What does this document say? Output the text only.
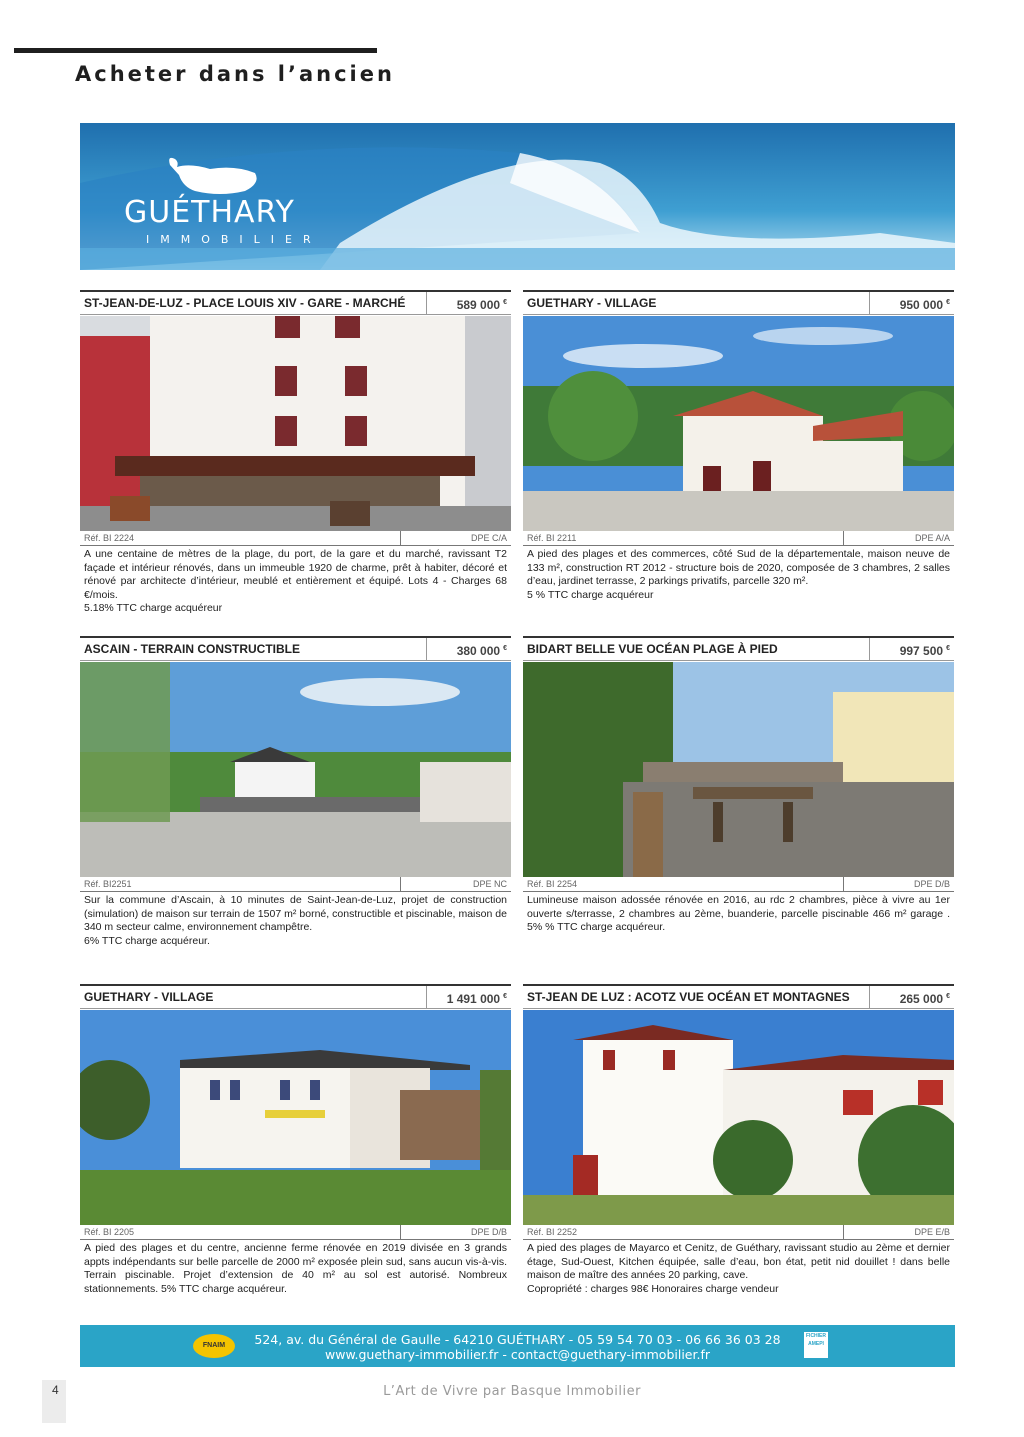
Acheter dans l’ancien
GUÉTHARY
IMMOBILIER
ST-JEAN-DE-LUZ - PLACE LOUIS XIV - GARE - MARCHÉ	589 000 €
Réf. BI 2224	DPE C/A
A une centaine de mètres de la plage, du port, de la gare et du marché, ravissant T2 façade et intérieur rénovés, dans un immeuble 1920 de charme, prêt à habiter, décoré et rénové par architecte d’intérieur, meublé et entièrement et équipé. Lots 4 - Charges 68 €/mois.
5.18% TTC charge acquéreur
GUETHARY - VILLAGE	950 000 €
Réf. BI 2211	DPE A/A
A pied des plages et des commerces, côté Sud de la départementale, maison neuve de 133 m², construction RT 2012 - structure bois de 2020, composée de 3 chambres, 2 salles d’eau, jardinet terrasse, 2 parkings privatifs, parcelle 320 m².
5 % TTC charge acquéreur
ASCAIN - TERRAIN CONSTRUCTIBLE	380 000 €
Réf. BI2251	DPE NC
Sur la commune d’Ascain, à 10 minutes de Saint-Jean-de-Luz, projet de construction (simulation) de maison sur terrain de 1507 m² borné, constructible et piscinable, maison de 340 m secteur calme, environnement champêtre.
6% TTC charge acquéreur.
BIDART BELLE VUE OCÉAN PLAGE À PIED	997 500 €
Réf. BI 2254	DPE D/B
Lumineuse maison adossée rénovée en 2016, au rdc 2 chambres, pièce à vivre au 1er ouverte s/terrasse, 2 chambres au 2ème, buanderie, parcelle piscinable 466 m² garage . 5% % TTC charge acquéreur.
GUETHARY - VILLAGE	1 491 000 €
Réf. BI 2205	DPE D/B
A pied des plages et du centre, ancienne ferme rénovée en 2019 divisée en 3 grands appts indépendants sur belle parcelle de 2000 m² exposée plein sud, sans aucun vis-à-vis. Terrain piscinable. Projet d’extension de 40 m² au sol est autorisé. Nombreux stationnements. 5% TTC charge acquéreur.
ST-JEAN DE LUZ : ACOTZ VUE OCÉAN ET MONTAGNES	265 000 €
Réf. BI 2252	DPE E/B
A pied des plages de Mayarco et Cenitz, de Guéthary, ravissant studio au 2ème et dernier étage, Sud-Ouest, Kitchen équipée, salle d’eau, bon état, petit nid douillet ! dans belle maison de maître des années 20 parking, cave.
Copropriété : charges 98€ Honoraires charge vendeur
FNAIM	524, av. du Général de Gaulle - 64210 GUÉTHARY - 05 59 54 70 03 - 06 66 36 03 28
www.guethary-immobilier.fr - contact@guethary-immobilier.fr
FICHIER AMEPI
4	L’Art de Vivre par Basque Immobilier
